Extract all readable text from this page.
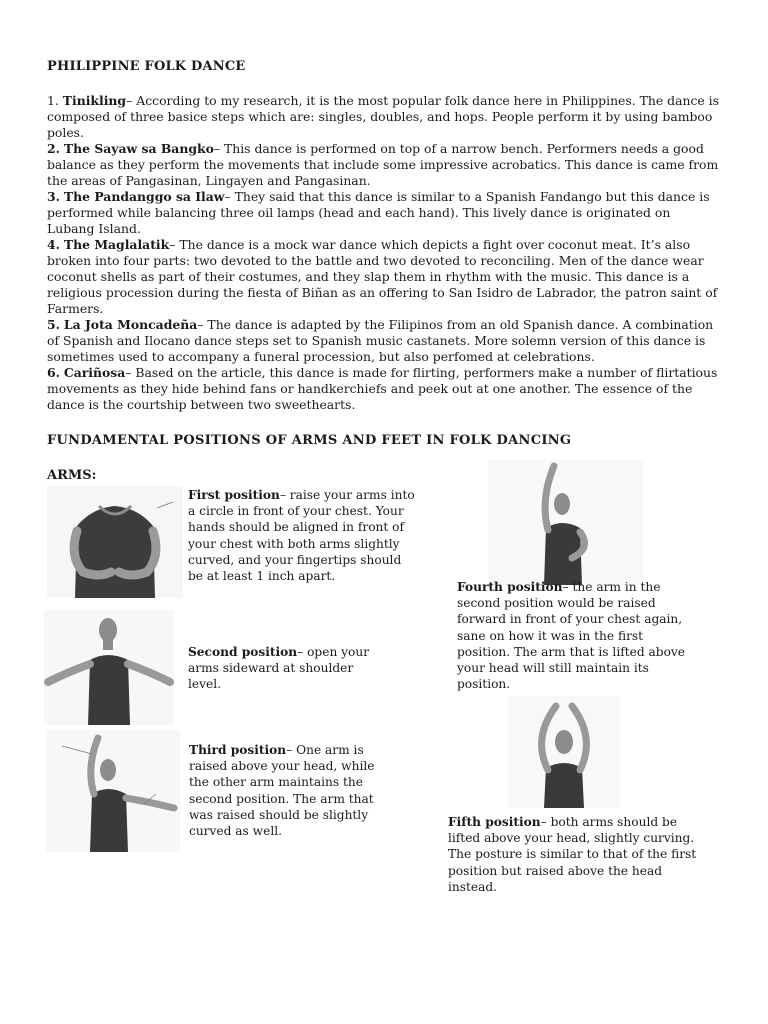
PHILIPPINE FOLK DANCE

1. Tinikling– According to my research, it is the most popular folk dance here in Philippines. The dance is composed of three basice steps which are: singles, doubles, and hops. People perform it by using bamboo poles.

2. The Sayaw sa Bangko– This dance is performed on top of a narrow bench. Performers needs a good balance as they perform the movements that include some impressive acrobatics. This dance is came from the areas of Pangasinan, Lingayen and Pangasinan.

3. The Pandanggo sa Ilaw– They said that this dance is similar to a Spanish Fandango but this dance is performed while balancing three oil lamps (head and each hand). This lively dance is originated on Lubang Island.

4. The Maglalatik– The dance is a mock war dance which depicts a fight over coconut meat. It’s also broken into four parts: two devoted to the battle and two devoted to reconciling. Men of the dance wear coconut shells as part of their costumes, and they slap them in rhythm with the music. This dance is a religious procession during the fiesta of Biñan as an offering to San Isidro de Labrador, the patron saint of Farmers.

5. La Jota Moncadeña– The dance is adapted by the Filipinos from an old Spanish dance. A combination of Spanish and Ilocano dance steps set to Spanish music castanets. More solemn version of this dance is sometimes used to accompany a funeral procession, but also perfomed at celebrations.

6. Cariñosa– Based on the article, this dance is made for flirting, performers make a number of flirtatious movements as they hide behind fans or handkerchiefs and peek out at one another. The essence of the dance is the courtship between two sweethearts.

FUNDAMENTAL POSITIONS OF ARMS AND FEET IN FOLK DANCING
ARMS:
First position– raise your arms into a circle in front of your chest. Your hands should be aligned in front of your chest with both arms slightly curved, and your fingertips should be at least 1 inch apart.
Second position– open your arms sideward at shoulder level.
Third position– One arm is raised above your head, while the other arm maintains the second position. The arm that was raised should be slightly curved as well.
Fourth position– the arm in the second position would be raised forward in front of your chest again, sane on how it was in the first position. The arm that is lifted above your head will still maintain its position.
Fifth position– both arms should be lifted above your head, slightly curving. The posture is similar to that of the first position but raised above the head instead.
